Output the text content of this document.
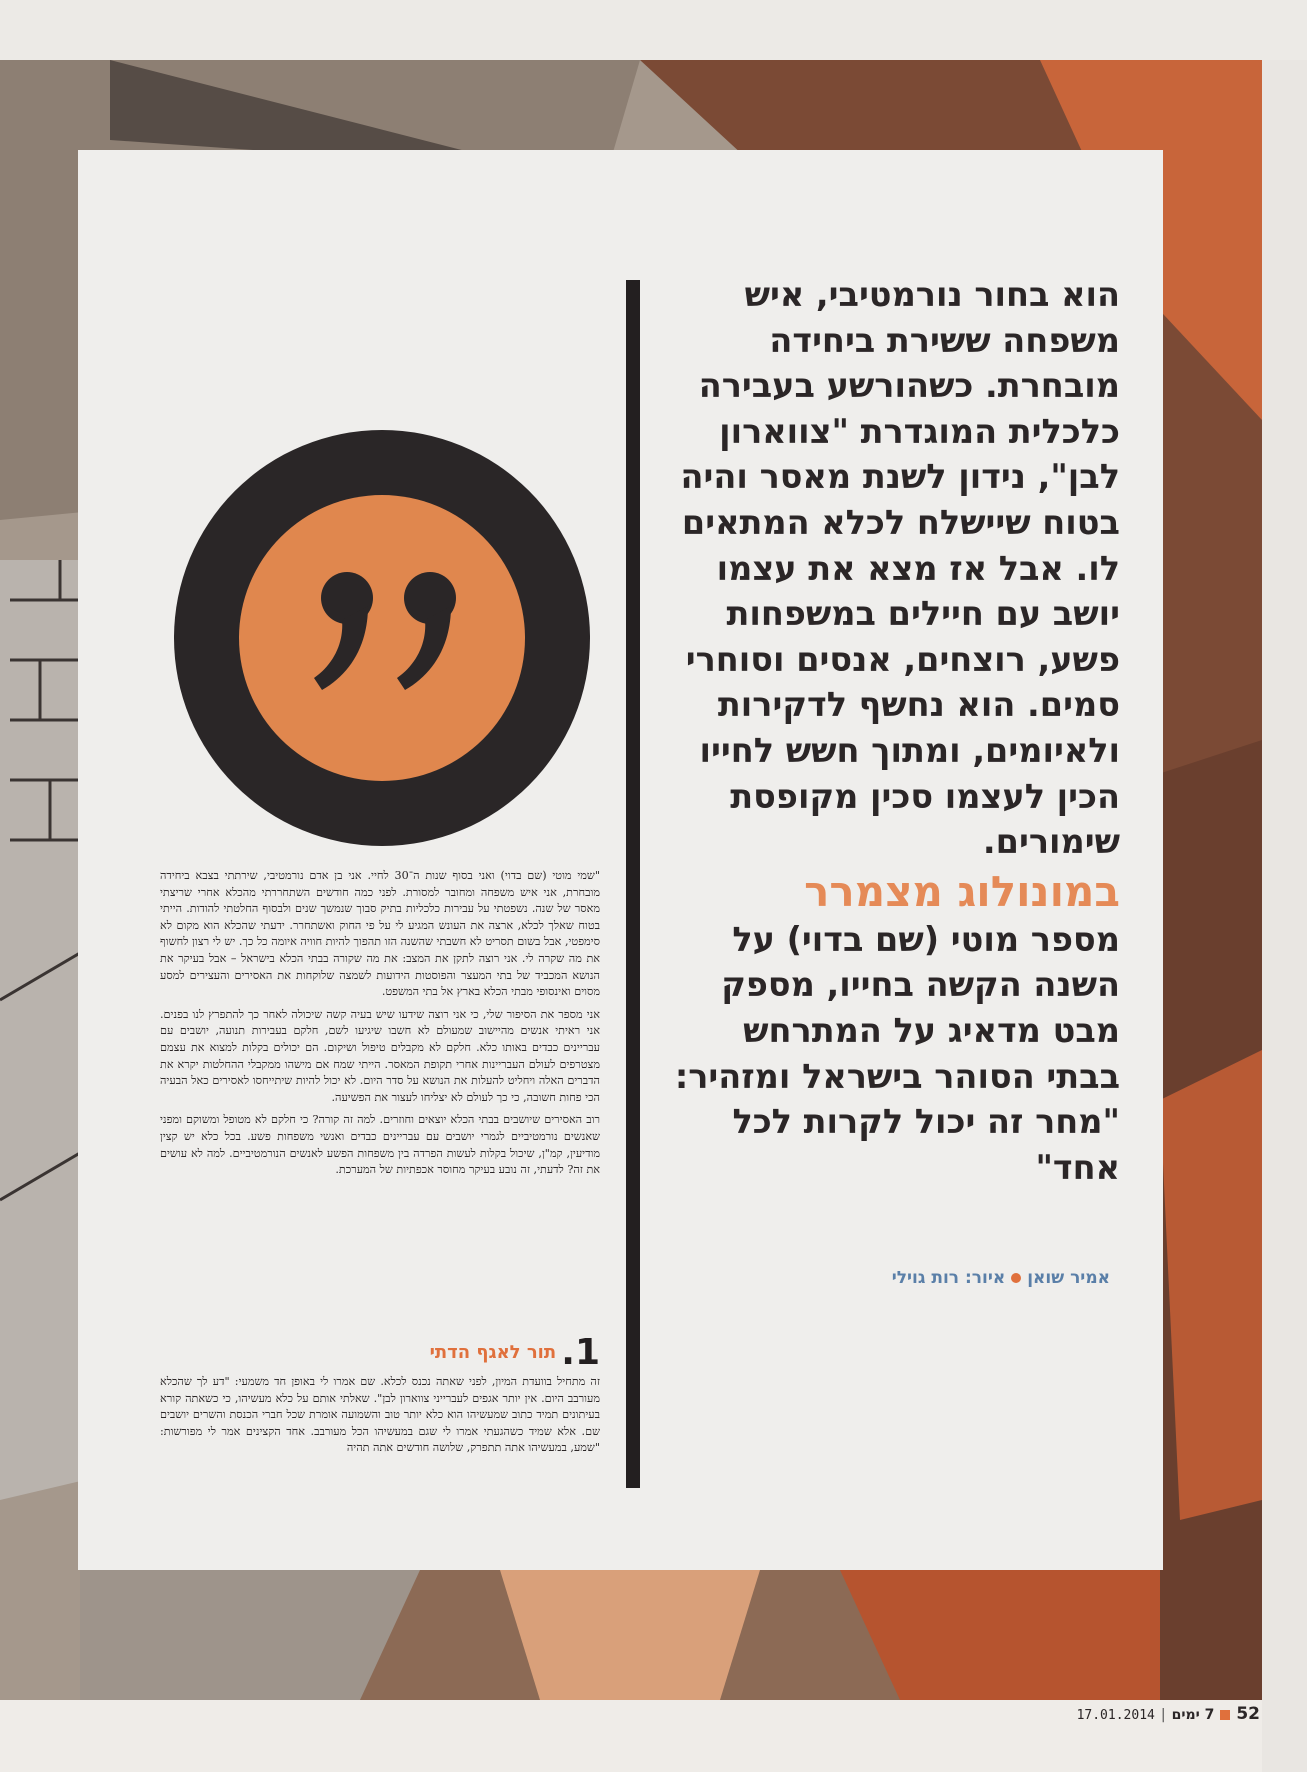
הוא בחור נורמטיבי, איש משפחה ששירת ביחידה מובחרת. כשהורשע בעבירה כלכלית המוגדרת "צווארון לבן", נידון לשנת מאסר והיה בטוח שיישלח לכלא המתאים לו. אבל אז מצא את עצמו יושב עם חיילים במשפחות פשע, רוצחים, אנסים וסוחרי סמים. הוא נחשף לדקירות ולאיומים, ומתוך חשש לחייו הכין לעצמו סכין מקופסת שימורים.

במונולוג מצמרר

מספר מוטי (שם בדוי) על השנה הקשה בחייו, מספק מבט מדאיג על המתרחש בבתי הסוהר בישראל ומזהיר: "מחר זה יכול לקרות לכל אחד"

אמיר שואןאיור: רות גוילי

"שמי מוטי (שם בדוי) ואני בסוף שנות ה־30 לחיי. אני בן אדם נורמטיבי, שירתתי בצבא ביחידה מובחרת, אני איש משפחה ומחובר למסורת. לפני כמה חודשים השתחררתי מהכלא אחרי שריצתי מאסר של שנה. נשפטתי על עבירות כלכליות בתיק סבוך שנמשך שנים ולבסוף החלטתי להודות. הייתי בטוח שאלך לכלא, ארצה את העונש המגיע לי על פי החוק ואשתחרר. ידעתי שהכלא הוא מקום לא סימפטי, אבל בשום תסריט לא חשבתי שהשנה הזו תהפוך להיות חוויה איומה כל כך. יש לי רצון לחשוף את מה שקרה לי. אני רוצה לתקן את המצב: את מה שקורה בבתי הכלא בישראל – אבל בעיקר את הנושא המכביד של בתי המעצר והפוסטות הידועות לשמצה שלוקחות את האסירים והעצירים למסע מסוים ואינסופי מבתי הכלא בארץ אל בתי המשפט.

אני מספר את הסיפור שלי, כי אני רוצה שידעו שיש בעיה קשה שיכולה לאחר כך להתפרץ לנו בפנים. אני ראיתי אנשים מהיישוב שמעולם לא חשבו שיגיעו לשם, חלקם בעבירות תנועה, יושבים עם עבריינים כבדים באותו כלא. חלקם לא מקבלים טיפול ושיקום. הם יכולים בקלות למצוא את עצמם מצטרפים לעולם העבריינות אחרי תקופת המאסר. הייתי שמח אם מישהו ממקבלי ההחלטות יקרא את הדברים האלה ויחליט להעלות את הנושא על סדר היום. לא יכול להיות שיתייחסו לאסירים כאל הבעיה הכי פחות חשובה, כי כך לעולם לא יצליחו לעצור את הפשיעה.

רוב האסירים שיושבים בבתי הכלא יוצאים וחוזרים. למה זה קורה? כי חלקם לא מטופל ומשוקם ומפני שאנשים נורמטיביים לגמרי יושבים עם עבריינים כבדים ואנשי משפחות פשע. בכל כלא יש קצין מודיעין, קמ"ן, שיכול בקלות לעשות הפרדה בין משפחות הפשע לאנשים הנורמטיביים. למה לא עושים את זה? לדעתי, זה נובע בעיקר מחוסר אכפתיות של המערכת.

1. תור לאגף הדתי

זה מתחיל בוועדת המיון, לפני שאתה נכנס לכלא. שם אמרו לי באופן חד משמעי: "דע לך שהכלא מעורבב היום. אין יותר אגפים לעברייני צווארון לבן". שאלתי אותם על כלא מעשיהו, כי כשאתה קורא בעיתונים תמיד כתוב שמעשיהו הוא כלא יותר טוב והשמועה אומרת שכל חברי הכנסת והשרים יושבים שם. אלא שמיד כשהגעתי אמרו לי שגם במעשיהו הכל מעורבב. אחד הקצינים אמר לי מפורשות: "שמע, במעשיהו אתה תתפרק, שלושה חודשים אתה תהיה

527 ימים|17.01.2014
